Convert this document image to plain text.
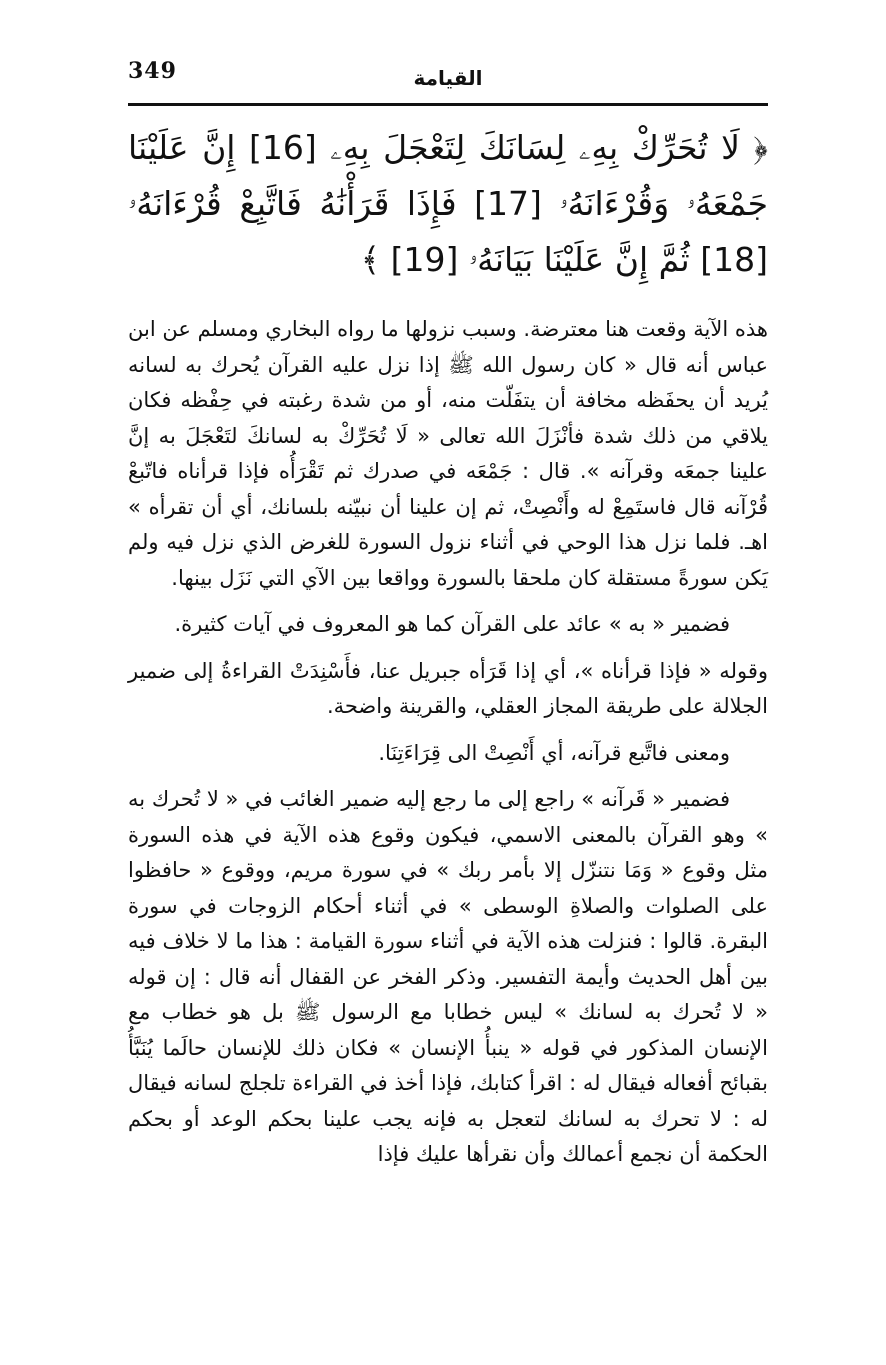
349	القيامة

﴿ لَا تُحَرِّكْ بِهِۦ لِسَانَكَ لِتَعْجَلَ بِهِۦ [16] إِنَّ عَلَيْنَا جَمْعَهُۥ وَقُرْءَانَهُۥ [17] فَإِذَا قَرَأْنَٰهُ فَاتَّبِعْ قُرْءَانَهُۥ [18] ثُمَّ إِنَّ عَلَيْنَا بَيَانَهُۥ [19] ﴾

هذه الآية وقعت هنا معترضة. وسبب نزولها ما رواه البخاري ومسلم عن ابن عباس أنه قال « كان رسول الله ﷺ إذا نزل عليه القرآن يُحرك به لسانه يُريد أن يحفَظه مخافة أن يتفَلّت منه، أو من شدة رغبته في حِفْظه فكان يلاقي من ذلك شدة فأنْزَلَ الله تعالى « لَا تُحَرِّكْ به لسانكَ لتَعْجَلَ به إنَّ علينا جمعَه وقرآنه ». قال : جَمْعَه في صدرك ثم تَقْرَأُه فإذا قرأناه فاتّبعْ قُرْآنه قال فاستَمِعْ له وأَنْصِتْ، ثم إن علينا أن نبيّنه بلسانك، أي أن تقرأه » اهـ. فلما نزل هذا الوحي في أثناء نزول السورة للغرض الذي نزل فيه ولم يَكن سورةً مستقلة كان ملحقا بالسورة وواقعا بين الآي التي نَزَل بينها.

فضمير « به » عائد على القرآن كما هو المعروف في آيات كثيرة.

وقوله « فإذا قرأناه »، أي إذا قَرَأه جبريل عنا، فأَسْنِدَتْ القراءةُ إلى ضمير الجلالة على طريقة المجاز العقلي، والقرينة واضحة.

ومعنى فاتَّبع قرآنه، أي أَنْصِتْ الى قِرَاءَتِنَا.

فضمير « قَرآنه » راجع إلى ما رجع إليه ضمير الغائب في « لا تُحرك به » وهو القرآن بالمعنى الاسمي، فيكون وقوع هذه الآية في هذه السورة مثل وقوع « وَمَا نتنزّل إلا بأمر ربك » في سورة مريم، ووقوع « حافظوا على الصلوات والصلاةِ الوسطى » في أثناء أحكام الزوجات في سورة البقرة. قالوا : فنزلت هذه الآية في أثناء سورة القيامة : هذا ما لا خلاف فيه بين أهل الحديث وأيمة التفسير. وذكر الفخر عن القفال أنه قال : إن قوله « لا تُحرك به لسانك » ليس خطابا مع الرسول ﷺ بل هو خطاب مع الإنسان المذكور في قوله « ينبأُ الإنسان » فكان ذلك للإنسان حالَما يُنَبَّأُ بقبائح أفعاله فيقال له : اقرأ كتابك، فإذا أخذ في القراءة تلجلج لسانه فيقال له : لا تحرك به لسانك لتعجل به فإنه يجب علينا بحكم الوعد أو بحكم الحكمة أن نجمع أعمالك وأن نقرأها عليك فإذا
